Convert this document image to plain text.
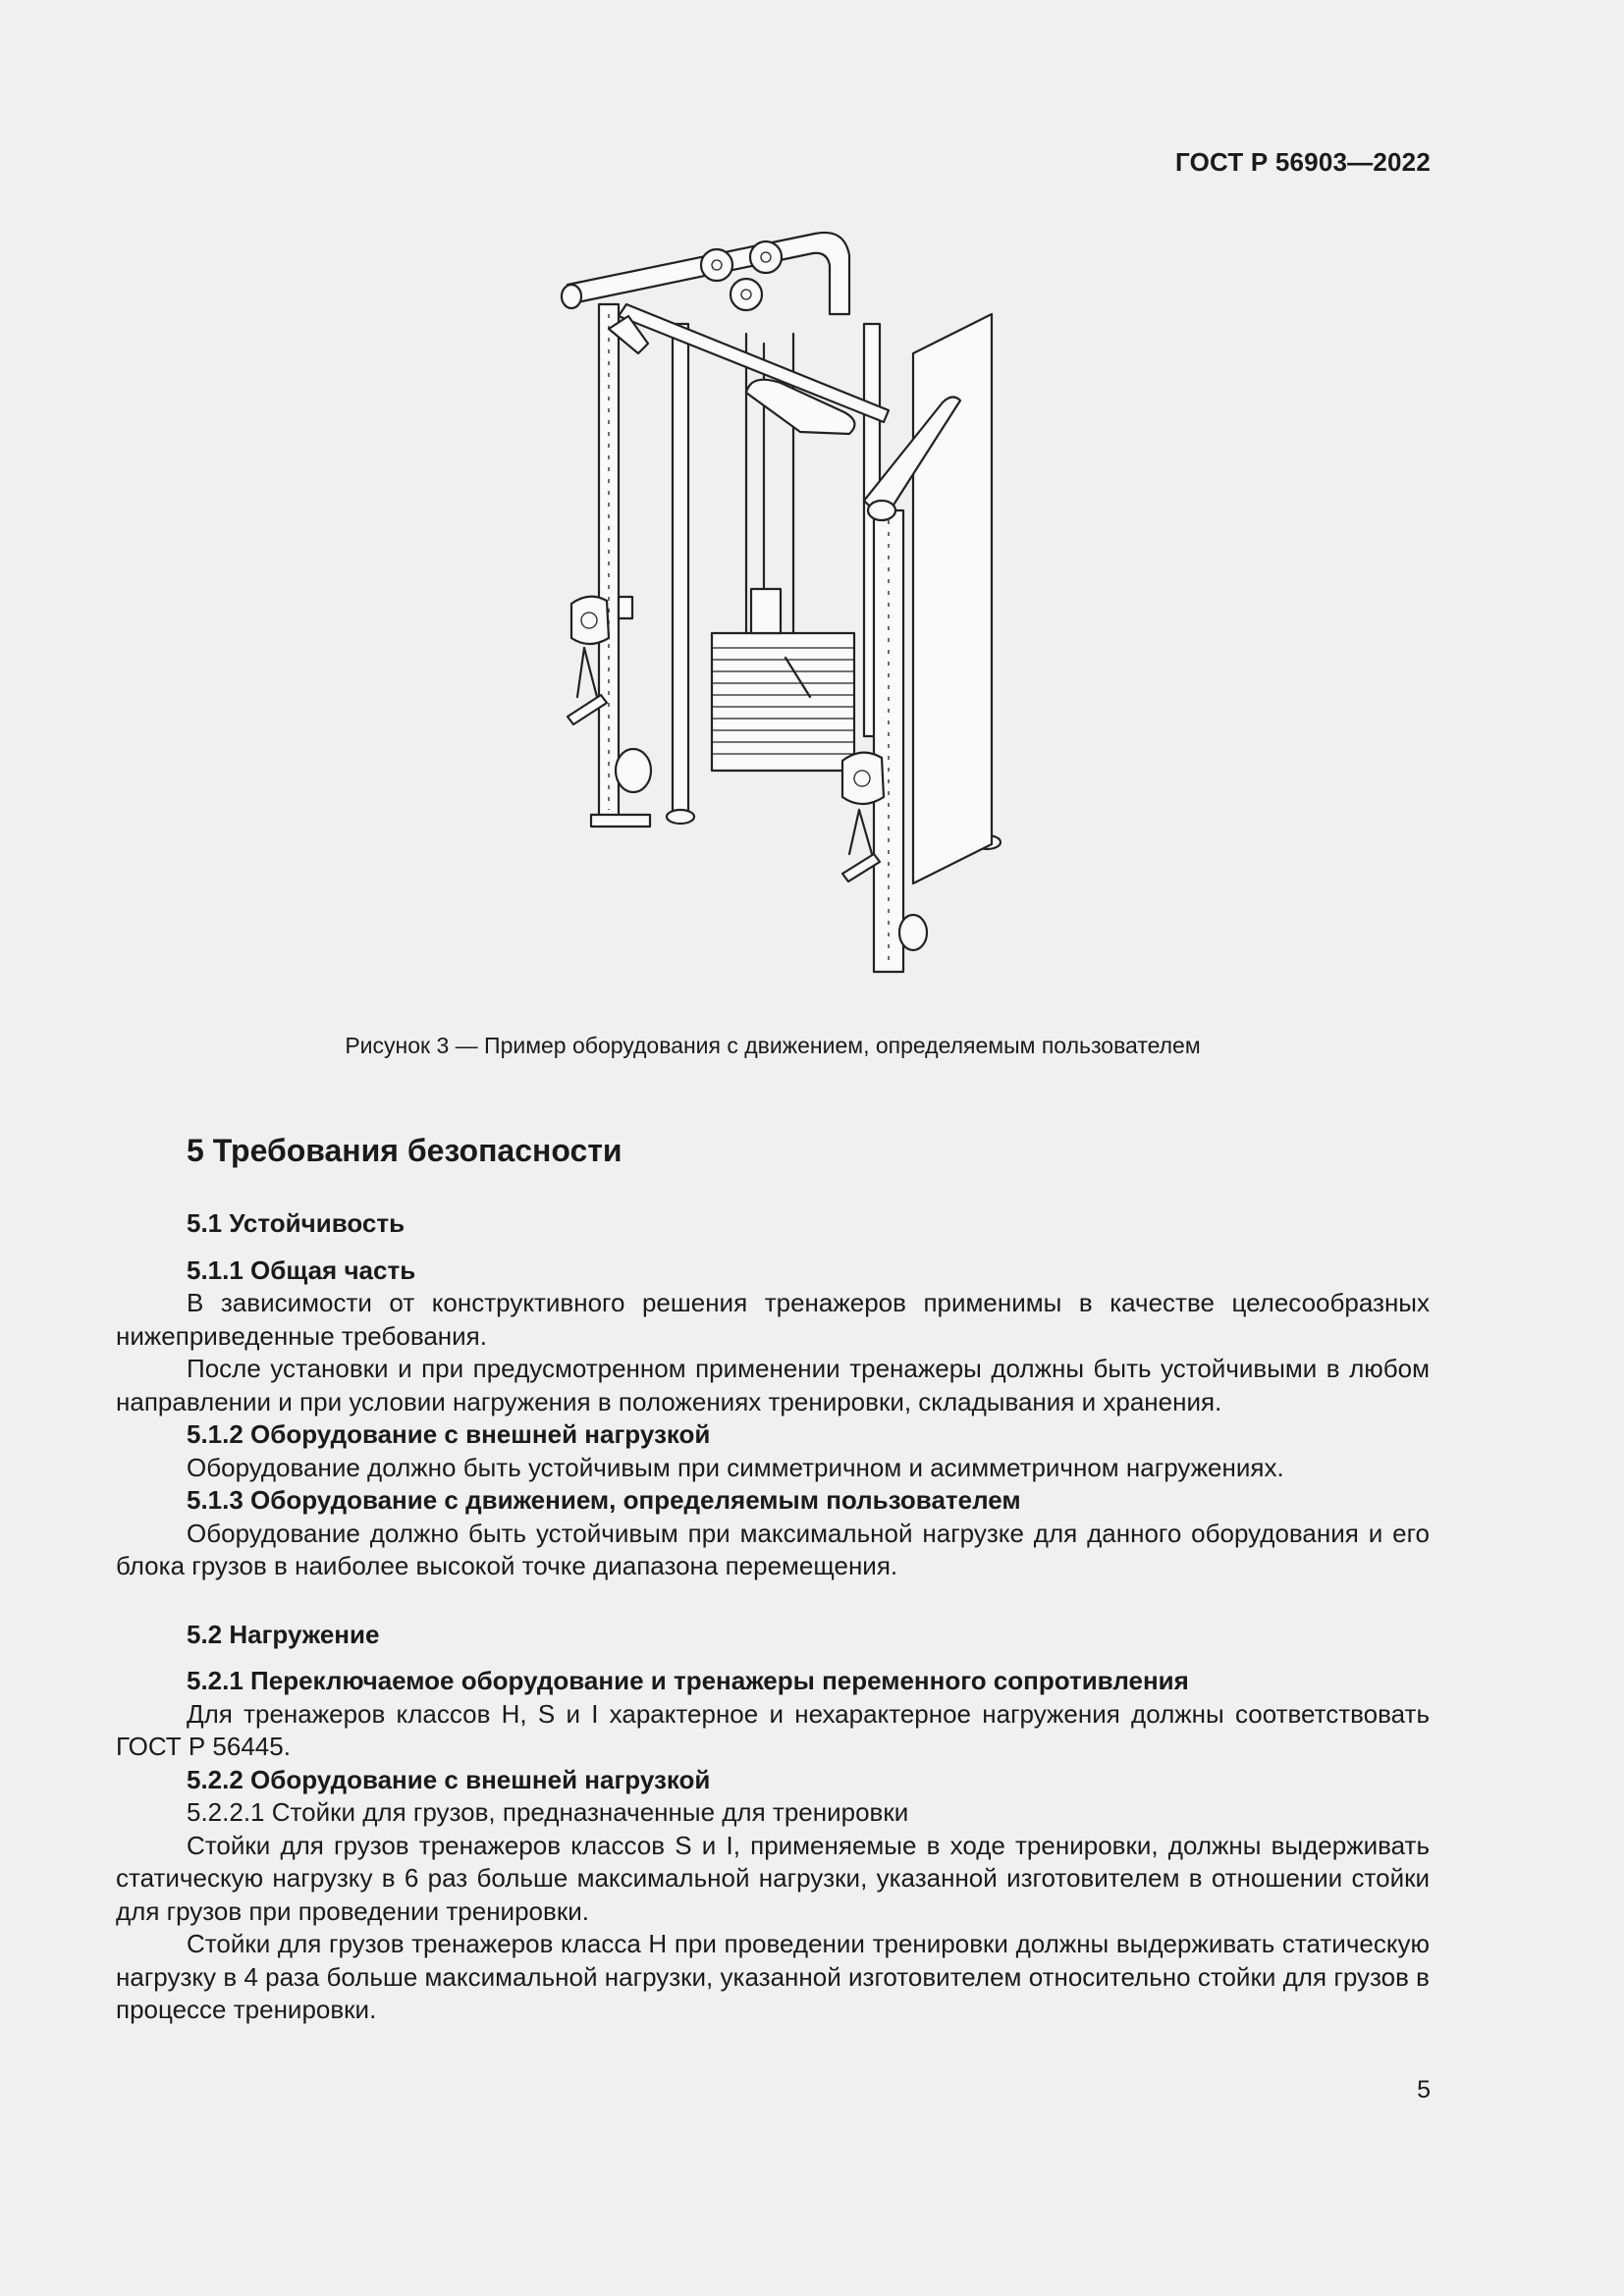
ГОСТ Р 56903—2022
Рисунок 3 — Пример оборудования с движением, определяемым пользователем
5 Требования безопасности
5.1 Устойчивость
5.1.1 Общая часть

В зависимости от конструктивного решения тренажеров применимы в качестве целесообразных нижеприведенные требования.

После установки и при предусмотренном применении тренажеры должны быть устойчивыми в любом направлении и при условии нагружения в положениях тренировки, складывания и хранения.

5.1.2 Оборудование с внешней нагрузкой

Оборудование должно быть устойчивым при симметричном и асимметричном нагружениях.

5.1.3 Оборудование с движением, определяемым пользователем

Оборудование должно быть устойчивым при максимальной нагрузке для данного оборудования и его блока грузов в наиболее высокой точке диапазона перемещения.

5.2 Нагружение
5.2.1 Переключаемое оборудование и тренажеры переменного сопротивления

Для тренажеров классов H, S и I характерное и нехарактерное нагружения должны соответствовать ГОСТ Р 56445.

5.2.2 Оборудование с внешней нагрузкой

5.2.2.1 Стойки для грузов, предназначенные для тренировки

Стойки для грузов тренажеров классов S и I, применяемые в ходе тренировки, должны выдерживать статическую нагрузку в 6 раз больше максимальной нагрузки, указанной изготовителем в отношении стойки для грузов при проведении тренировки.

Стойки для грузов тренажеров класса H при проведении тренировки должны выдерживать статическую нагрузку в 4 раза больше максимальной нагрузки, указанной изготовителем относительно стойки для грузов в процессе тренировки.

5
